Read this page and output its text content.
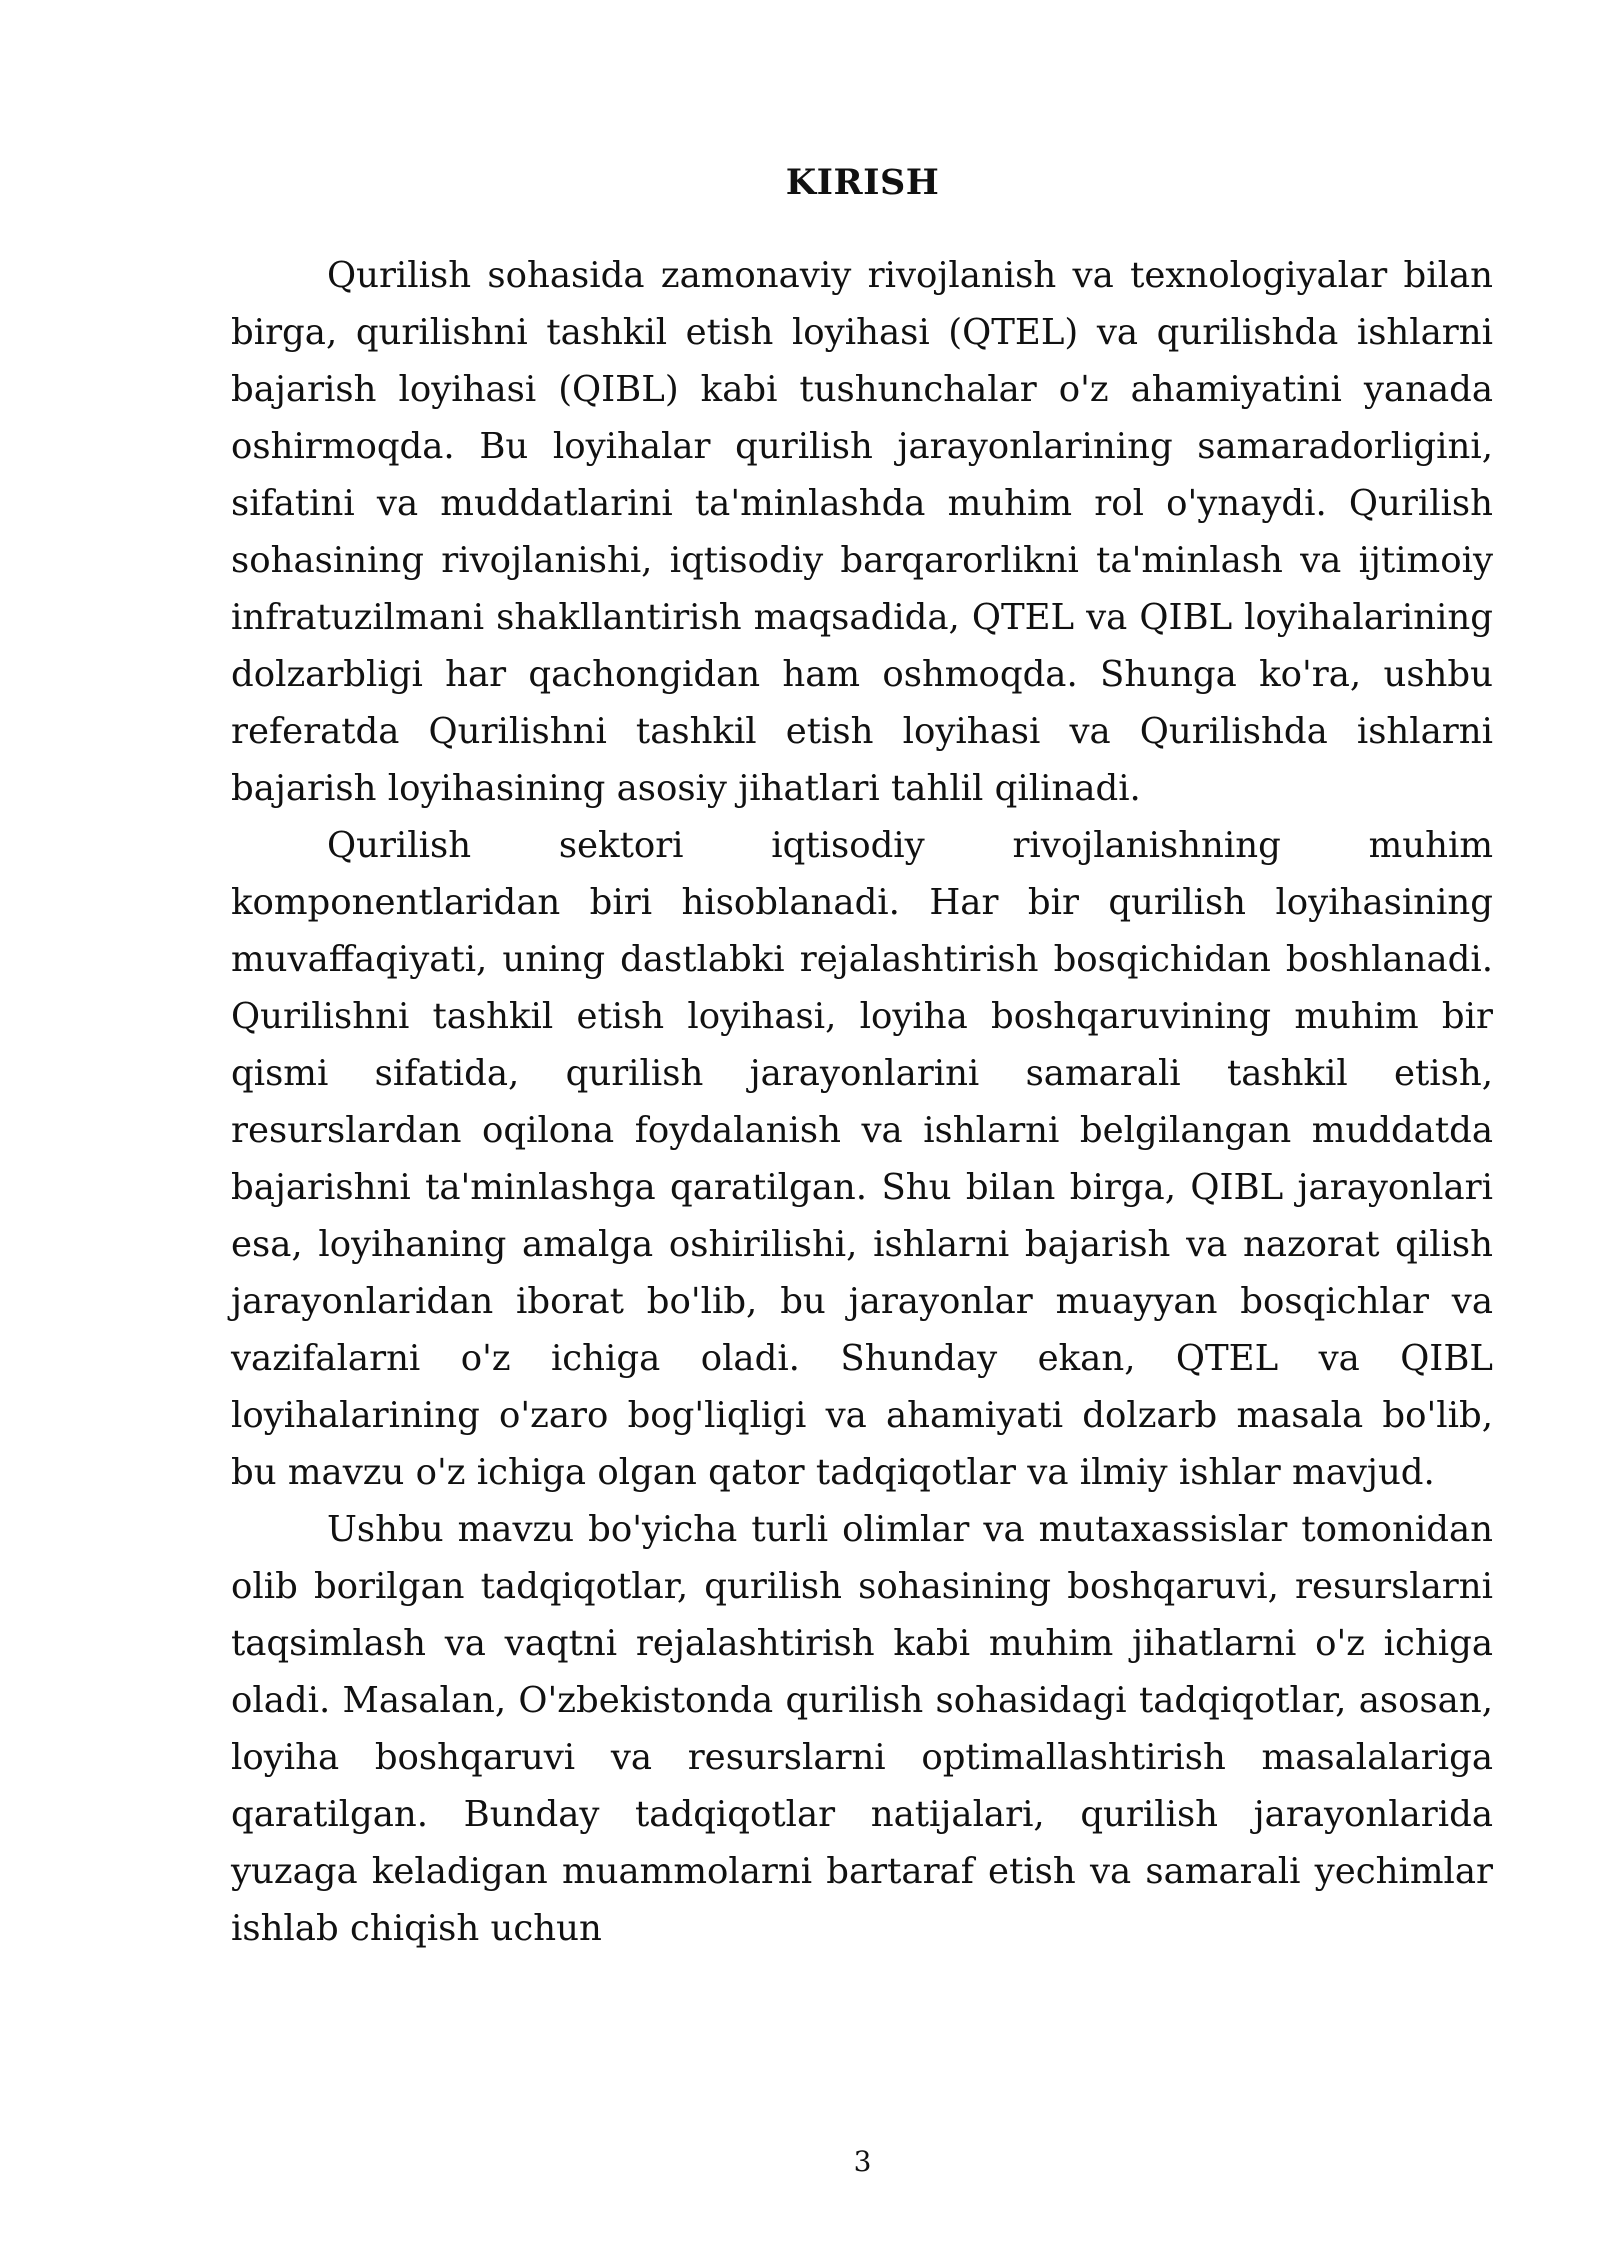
KIRISH

Qurilish sohasida zamonaviy rivojlanish va texnologiyalar bilan birga, qurilishni tashkil etish loyihasi (QTEL) va qurilishda ishlarni bajarish loyihasi (QIBL) kabi tushunchalar o'z ahamiyatini yanada oshirmoqda. Bu loyihalar qurilish jarayonlarining samaradorligini, sifatini va muddatlarini ta'minlashda muhim rol o'ynaydi. Qurilish sohasining rivojlanishi, iqtisodiy barqarorlikni ta'minlash va ijtimoiy infratuzilmani shakllantirish maqsadida, QTEL va QIBL loyihalarining dolzarbligi har qachongidan ham oshmoqda. Shunga ko'ra, ushbu referatda Qurilishni tashkil etish loyihasi va Qurilishda ishlarni bajarish loyihasining asosiy jihatlari tahlil qilinadi.

Qurilish sektori iqtisodiy rivojlanishning muhim komponentlaridan biri hisoblanadi. Har bir qurilish loyihasining muvaffaqiyati, uning dastlabki rejalashtirish bosqichidan boshlanadi. Qurilishni tashkil etish loyihasi, loyiha boshqaruvining muhim bir qismi sifatida, qurilish jarayonlarini samarali tashkil etish, resurslardan oqilona foydalanish va ishlarni belgilangan muddatda bajarishni ta'minlashga qaratilgan. Shu bilan birga, QIBL jarayonlari esa, loyihaning amalga oshirilishi, ishlarni bajarish va nazorat qilish jarayonlaridan iborat bo'lib, bu jarayonlar muayyan bosqichlar va vazifalarni o'z ichiga oladi. Shunday ekan, QTEL va QIBL loyihalarining o'zaro bog'liqligi va ahamiyati dolzarb masala bo'lib, bu mavzu o'z ichiga olgan qator tadqiqotlar va ilmiy ishlar mavjud.

Ushbu mavzu bo'yicha turli olimlar va mutaxassislar tomonidan olib borilgan tadqiqotlar, qurilish sohasining boshqaruvi, resurslarni taqsimlash va vaqtni rejalashtirish kabi muhim jihatlarni o'z ichiga oladi. Masalan, O'zbekistonda qurilish sohasidagi tadqiqotlar, asosan, loyiha boshqaruvi va resurslarni optimallashtirish masalalariga qaratilgan. Bunday tadqiqotlar natijalari, qurilish jarayonlarida yuzaga keladigan muammolarni bartaraf etish va samarali yechimlar ishlab chiqish uchun

3
